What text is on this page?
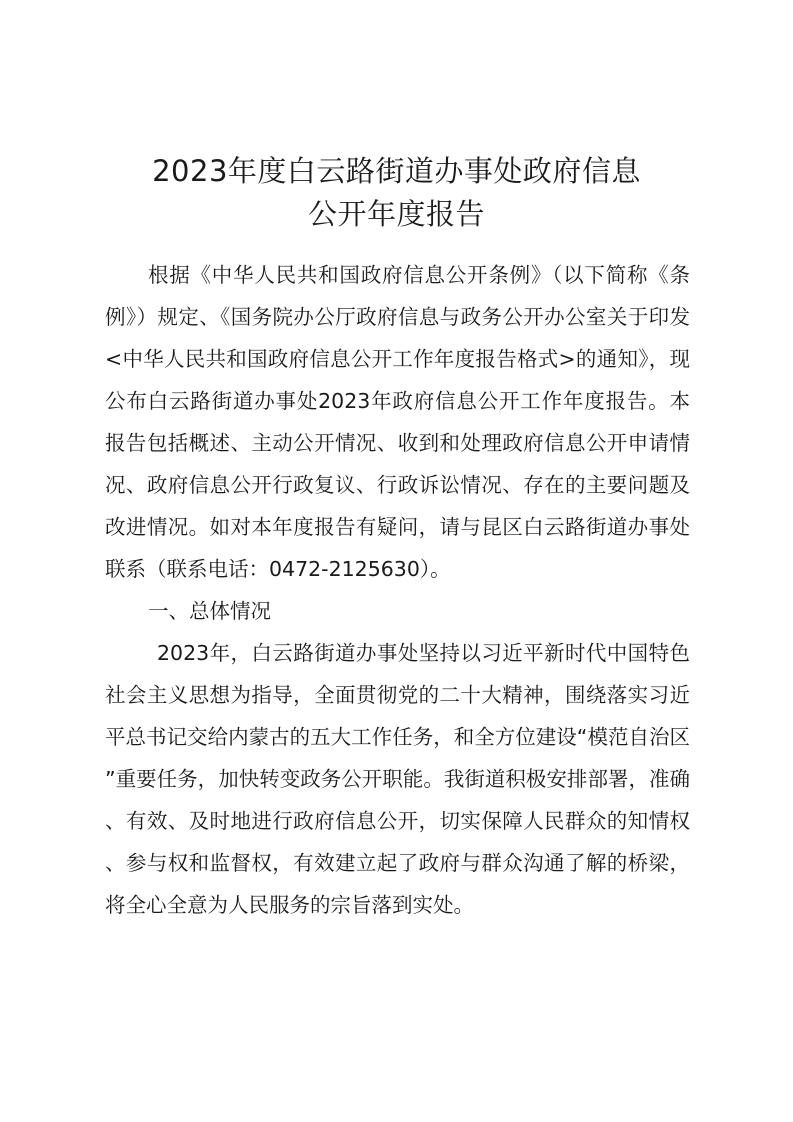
2023年度白云路街道办事处政府信息
公开年度报告

根据《中华人民共和国政府信息公开条例》（以下简称《条例》）规定、《国务院办公厅政府信息与政务公开办公室关于印发<中华人民共和国政府信息公开工作年度报告格式>的通知》，现公布白云路街道办事处2023年政府信息公开工作年度报告。本报告包括概述、主动公开情况、收到和处理政府信息公开申请情况、政府信息公开行政复议、行政诉讼情况、存在的主要问题及改进情况。如对本年度报告有疑问，请与昆区白云路街道办事处联系（联系电话：0472-2125630）。

一、总体情况

2023年，白云路街道办事处坚持以习近平新时代中国特色社会主义思想为指导，全面贯彻党的二十大精神，围绕落实习近平总书记交给内蒙古的五大工作任务，和全方位建设“模范自治区”重要任务，加快转变政务公开职能。我街道积极安排部署，准确、有效、及时地进行政府信息公开，切实保障人民群众的知情权、参与权和监督权，有效建立起了政府与群众沟通了解的桥梁，将全心全意为人民服务的宗旨落到实处。
